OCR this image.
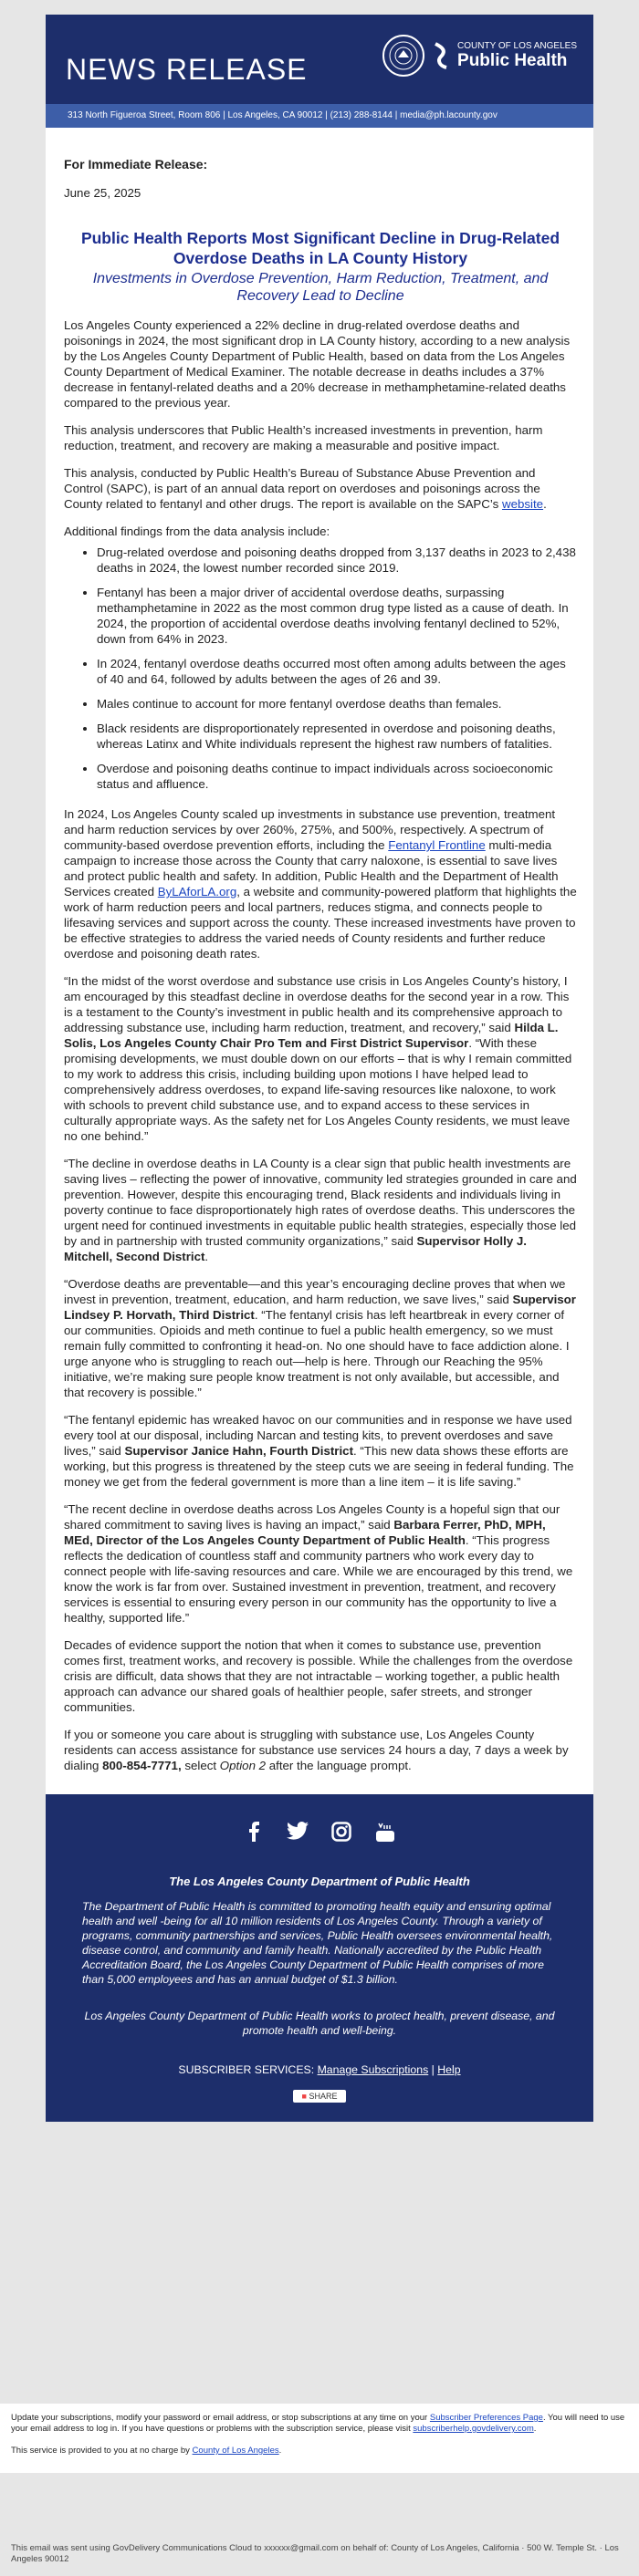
NEWS RELEASE
COUNTY OF LOS ANGELES
Public Health
313 North Figueroa Street, Room 806 | Los Angeles, CA 90012 | (213) 288-8144 | media@ph.lacounty.gov
For Immediate Release:
June 25, 2025
Public Health Reports Most Significant Decline in Drug-Related Overdose Deaths in LA County History
Investments in Overdose Prevention, Harm Reduction, Treatment, and Recovery Lead to Decline

Los Angeles County experienced a 22% decline in drug-related overdose deaths and poisonings in 2024, the most significant drop in LA County history, according to a new analysis by the Los Angeles County Department of Public Health, based on data from the Los Angeles County Department of Medical Examiner. The notable decrease in deaths includes a 37% decrease in fentanyl-related deaths and a 20% decrease in methamphetamine-related deaths compared to the previous year.

This analysis underscores that Public Health’s increased investments in prevention, harm reduction, treatment, and recovery are making a measurable and positive impact.

This analysis, conducted by Public Health’s Bureau of Substance Abuse Prevention and Control (SAPC), is part of an annual data report on overdoses and poisonings across the County related to fentanyl and other drugs. The report is available on the SAPC’s website.

Additional findings from the data analysis include:

• Drug-related overdose and poisoning deaths dropped from 3,137 deaths in 2023 to 2,438 deaths in 2024, the lowest number recorded since 2019.
• Fentanyl has been a major driver of accidental overdose deaths, surpassing methamphetamine in 2022 as the most common drug type listed as a cause of death. In 2024, the proportion of accidental overdose deaths involving fentanyl declined to 52%, down from 64% in 2023.
• In 2024, fentanyl overdose deaths occurred most often among adults between the ages of 40 and 64, followed by adults between the ages of 26 and 39.
• Males continue to account for more fentanyl overdose deaths than females.
• Black residents are disproportionately represented in overdose and poisoning deaths, whereas Latinx and White individuals represent the highest raw numbers of fatalities.
• Overdose and poisoning deaths continue to impact individuals across socioeconomic status and affluence.

In 2024, Los Angeles County scaled up investments in substance use prevention, treatment and harm reduction services by over 260%, 275%, and 500%, respectively. A spectrum of community-based overdose prevention efforts, including the Fentanyl Frontline multi-media campaign to increase those across the County that carry naloxone, is essential to save lives and protect public health and safety. In addition, Public Health and the Department of Health Services created ByLAforLA.org, a website and community-powered platform that highlights the work of harm reduction peers and local partners, reduces stigma, and connects people to lifesaving services and support across the county. These increased investments have proven to be effective strategies to address the varied needs of County residents and further reduce overdose and poisoning death rates.

“In the midst of the worst overdose and substance use crisis in Los Angeles County’s history, I am encouraged by this steadfast decline in overdose deaths for the second year in a row. This is a testament to the County’s investment in public health and its comprehensive approach to addressing substance use, including harm reduction, treatment, and recovery,” said Hilda L. Solis, Los Angeles County Chair Pro Tem and First District Supervisor. “With these promising developments, we must double down on our efforts – that is why I remain committed to my work to address this crisis, including building upon motions I have helped lead to comprehensively address overdoses, to expand life-saving resources like naloxone, to work with schools to prevent child substance use, and to expand access to these services in culturally appropriate ways. As the safety net for Los Angeles County residents, we must leave no one behind.”

“The decline in overdose deaths in LA County is a clear sign that public health investments are saving lives – reflecting the power of innovative, community led strategies grounded in care and prevention. However, despite this encouraging trend, Black residents and individuals living in poverty continue to face disproportionately high rates of overdose deaths. This underscores the urgent need for continued investments in equitable public health strategies, especially those led by and in partnership with trusted community organizations,” said Supervisor Holly J. Mitchell, Second District.

“Overdose deaths are preventable—and this year’s encouraging decline proves that when we invest in prevention, treatment, education, and harm reduction, we save lives,” said Supervisor Lindsey P. Horvath, Third District. “The fentanyl crisis has left heartbreak in every corner of our communities. Opioids and meth continue to fuel a public health emergency, so we must remain fully committed to confronting it head-on. No one should have to face addiction alone. I urge anyone who is struggling to reach out—help is here. Through our Reaching the 95% initiative, we’re making sure people know treatment is not only available, but accessible, and that recovery is possible.”

“The fentanyl epidemic has wreaked havoc on our communities and in response we have used every tool at our disposal, including Narcan and testing kits, to prevent overdoses and save lives,” said Supervisor Janice Hahn, Fourth District. “This new data shows these efforts are working, but this progress is threatened by the steep cuts we are seeing in federal funding. The money we get from the federal government is more than a line item – it is life saving.”

“The recent decline in overdose deaths across Los Angeles County is a hopeful sign that our shared commitment to saving lives is having an impact,” said Barbara Ferrer, PhD, MPH, MEd, Director of the Los Angeles County Department of Public Health. “This progress reflects the dedication of countless staff and community partners who work every day to connect people with life-saving resources and care. While we are encouraged by this trend, we know the work is far from over. Sustained investment in prevention, treatment, and recovery services is essential to ensuring every person in our community has the opportunity to live a healthy, supported life.”

Decades of evidence support the notion that when it comes to substance use, prevention comes first, treatment works, and recovery is possible. While the challenges from the overdose crisis are difficult, data shows that they are not intractable – working together, a public health approach can advance our shared goals of healthier people, safer streets, and stronger communities.

If you or someone you care about is struggling with substance use, Los Angeles County residents can access assistance for substance use services 24 hours a day, 7 days a week by dialing 800-854-7771, select Option 2 after the language prompt.

The Los Angeles County Department of Public Health
The Department of Public Health is committed to promoting health equity and ensuring optimal health and well -being for all 10 million residents of Los Angeles County. Through a variety of programs, community partnerships and services, Public Health oversees environmental health, disease control, and community and family health. Nationally accredited by the Public Health Accreditation Board, the Los Angeles County Department of Public Health comprises of more than 5,000 employees and has an annual budget of $1.3 billion.
Los Angeles County Department of Public Health works to protect health, prevent disease, and promote health and well-being.
SUBSCRIBER SERVICES: Manage Subscriptions | Help
■ SHARE

Update your subscriptions, modify your password or email address, or stop subscriptions at any time on your Subscriber Preferences Page. You will need to use your email address to log in. If you have questions or problems with the subscription service, please visit subscriberhelp.govdelivery.com.

This service is provided to you at no charge by County of Los Angeles.

This email was sent using GovDelivery Communications Cloud to xxxxxx@gmail.com on behalf of: County of Los Angeles, California · 500 W. Temple St. · Los Angeles 90012
